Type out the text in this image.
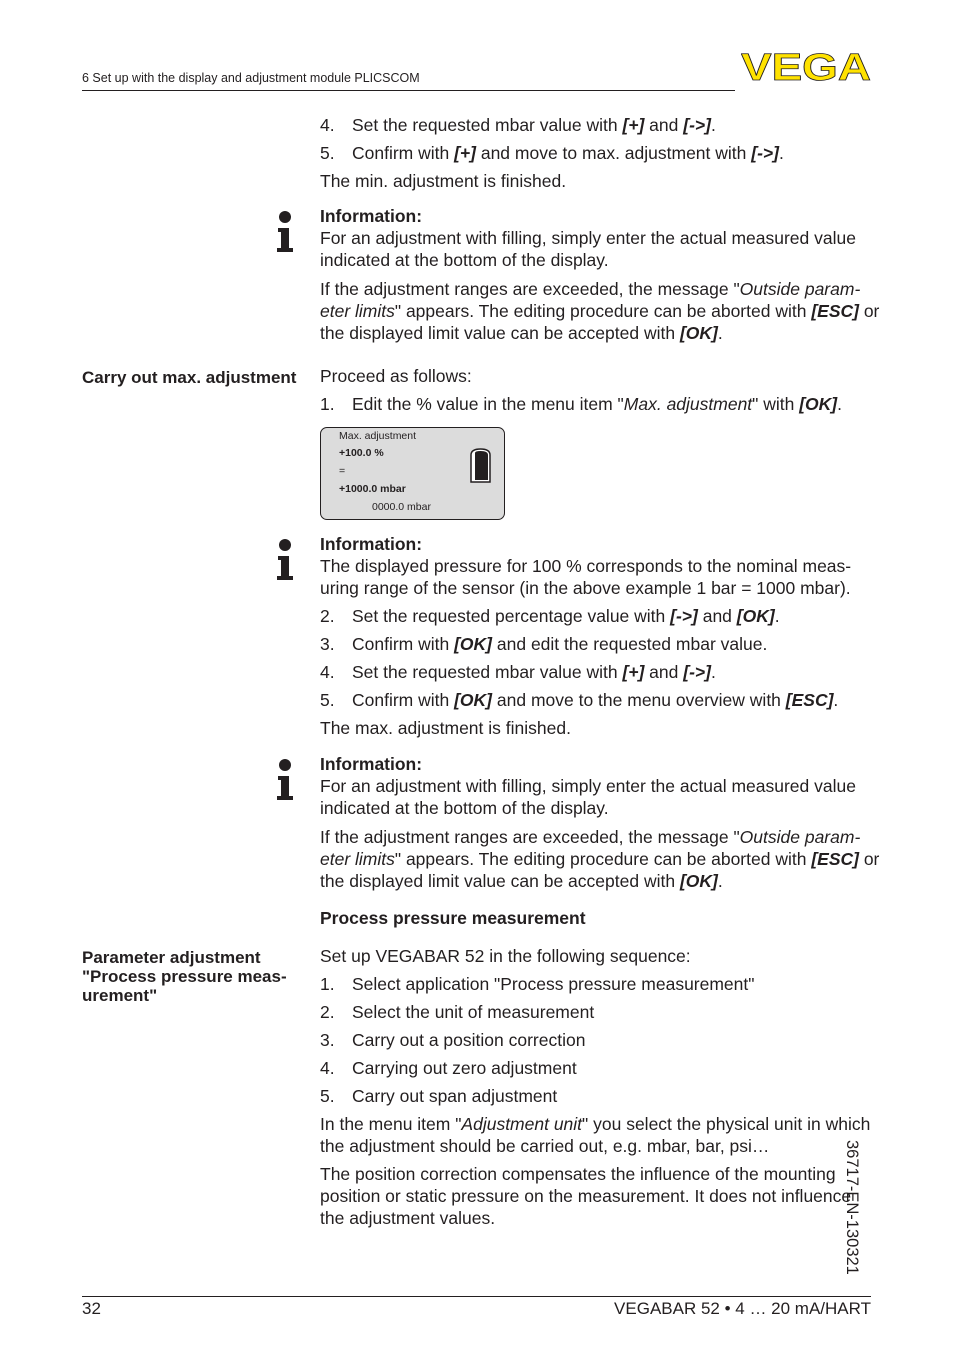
6 Set up with the display and adjustment module PLICSCOM	VEGA

4. Set the requested mbar value with [+] and [->].

5. Confirm with [+] and move to max. adjustment with [->].

The min. adjustment is finished.

Information:

For an adjustment with filling, simply enter the actual measured value indicated at the bottom of the display.

If the adjustment ranges are exceeded, the message "Outside parameter limits" appears. The editing procedure can be aborted with [ESC] or the displayed limit value can be accepted with [OK].

Carry out max. adjustment	Proceed as follows:

1. Edit the % value in the menu item "Max. adjustment" with [OK].

Max. adjustment
+100.0 %
=
+1000.0 mbar
0000.0 mbar

Information:

The displayed pressure for 100 % corresponds to the nominal measuring range of the sensor (in the above example 1 bar = 1000 mbar).

2. Set the requested percentage value with [->] and [OK].

3. Confirm with [OK] and edit the requested mbar value.

4. Set the requested mbar value with [+] and [->].

5. Confirm with [OK] and move to the menu overview with [ESC].

The max. adjustment is finished.

Information:

For an adjustment with filling, simply enter the actual measured value indicated at the bottom of the display.

If the adjustment ranges are exceeded, the message "Outside parameter limits" appears. The editing procedure can be aborted with [ESC] or the displayed limit value can be accepted with [OK].

Process pressure measurement
Parameter adjustment "Process pressure measurement"

Set up VEGABAR 52 in the following sequence:

1. Select application "Process pressure measurement"

2. Select the unit of measurement

3. Carry out a position correction

4. Carrying out zero adjustment

5. Carry out span adjustment

In the menu item "Adjustment unit" you select the physical unit in which the adjustment should be carried out, e.g. mbar, bar, psi…

The position correction compensates the influence of the mounting position or static pressure on the measurement. It does not influence the adjustment values.	36717-EN-130321
32	VEGABAR 52 • 4 … 20 mA/HART
